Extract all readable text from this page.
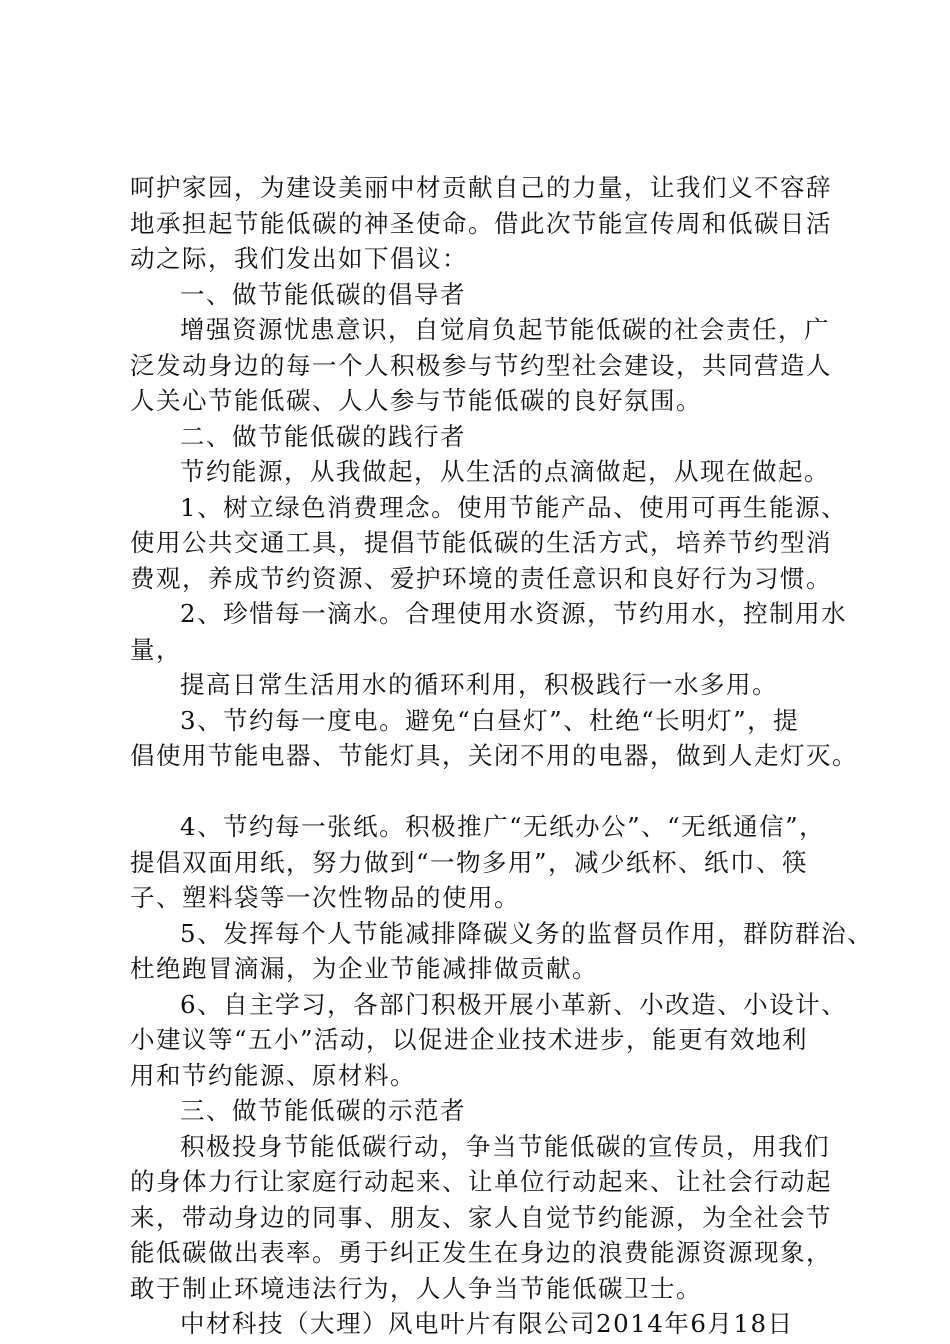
呵护家园，为建设美丽中材贡献自己的力量，让我们义不容辞
地承担起节能低碳的神圣使命。借此次节能宣传周和低碳日活
动之际，我们发出如下倡议：
一、做节能低碳的倡导者
增强资源忧患意识，自觉肩负起节能低碳的社会责任，广
泛发动身边的每一个人积极参与节约型社会建设，共同营造人
人关心节能低碳、人人参与节能低碳的良好氛围。
二、做节能低碳的践行者
节约能源，从我做起，从生活的点滴做起，从现在做起。
1、树立绿色消费理念。使用节能产品、使用可再生能源、
使用公共交通工具，提倡节能低碳的生活方式，培养节约型消
费观，养成节约资源、爱护环境的责任意识和良好行为习惯。
2、珍惜每一滴水。合理使用水资源，节约用水，控制用水
量，
提高日常生活用水的循环利用，积极践行一水多用。
3、节约每一度电。避免“白昼灯”、杜绝“长明灯”，提
倡使用节能电器、节能灯具，关闭不用的电器，做到人走灯灭。
4、节约每一张纸。积极推广“无纸办公”、“无纸通信”，
提倡双面用纸，努力做到“一物多用”，减少纸杯、纸巾、筷
子、塑料袋等一次性物品的使用。
5、发挥每个人节能减排降碳义务的监督员作用，群防群治、
杜绝跑冒滴漏，为企业节能减排做贡献。
6、自主学习，各部门积极开展小革新、小改造、小设计、
小建议等“五小”活动，以促进企业技术进步，能更有效地利
用和节约能源、原材料。
三、做节能低碳的示范者
积极投身节能低碳行动，争当节能低碳的宣传员，用我们
的身体力行让家庭行动起来、让单位行动起来、让社会行动起
来，带动身边的同事、朋友、家人自觉节约能源，为全社会节
能低碳做出表率。勇于纠正发生在身边的浪费能源资源现象，
敢于制止环境违法行为，人人争当节能低碳卫士。
中材科技（大理）风电叶片有限公司2014年6月18日
